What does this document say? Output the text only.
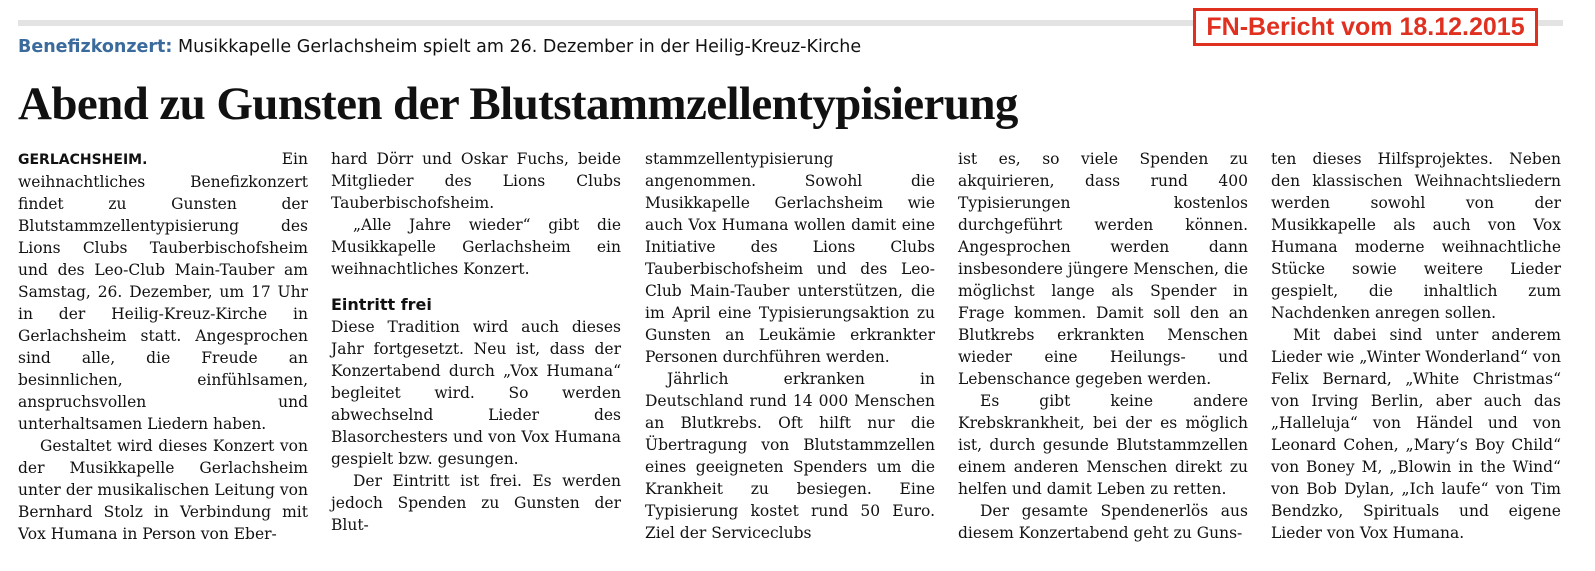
FN-Bericht vom 18.12.2015
Benefizkonzert: Musikkapelle Gerlachsheim spielt am 26. Dezember in der Heilig-Kreuz-Kirche
Abend zu Gunsten der Blutstammzellentypisierung

GERLACHSHEIM.	Ein weihnachtliches Benefizkonzert findet zu Gunsten der Blutstammzellentypisierung des Lions Clubs Tauberbischofsheim und des Leo-Club Main-Tauber am Samstag, 26. Dezember, um 17 Uhr in der Heilig-Kreuz-Kirche in Gerlachsheim statt. Angesprochen sind alle, die Freude an besinnlichen, einfühlsamen, anspruchsvollen und unterhaltsamen Liedern haben.

Gestaltet wird dieses Konzert von der Musikkapelle Gerlachsheim unter der musikalischen Leitung von Bernhard Stolz in Verbindung mit Vox Humana in Person von Eber-

hard Dörr und Oskar Fuchs, beide Mitglieder des Lions Clubs Tauberbischofsheim.

„Alle Jahre wieder“ gibt die Musikkapelle Gerlachsheim ein weihnachtliches Konzert.

Eintritt frei

Diese Tradition wird auch dieses Jahr fortgesetzt. Neu ist, dass der Konzertabend durch „Vox Humana“ begleitet wird. So werden abwechselnd Lieder des Blasorchesters und von Vox Humana gespielt bzw. gesungen.

Der Eintritt ist frei. Es werden jedoch Spenden zu Gunsten der Blut-

stammzellentypisierung angenommen. Sowohl die Musikkapelle Gerlachsheim wie auch Vox Humana wollen damit eine Initiative des Lions Clubs Tauberbischofsheim und des Leo-Club Main-Tauber unterstützen, die im April eine Typisierungsaktion zu Gunsten an Leukämie erkrankter Personen durchführen werden.

Jährlich erkranken in Deutschland rund 14 000 Menschen an Blutkrebs. Oft hilft nur die Übertragung von Blutstammzellen eines geeigneten Spenders um die Krankheit zu besiegen. Eine Typisierung kostet rund 50 Euro. Ziel der Serviceclubs

ist es, so viele Spenden zu akquirieren, dass rund 400 Typisierungen kostenlos durchgeführt werden können. Angesprochen werden dann insbesondere jüngere Menschen, die möglichst lange als Spender in Frage kommen. Damit soll den an Blutkrebs erkrankten Menschen wieder eine Heilungs- und Lebenschance gegeben werden.

Es gibt keine andere Krebskrankheit, bei der es möglich ist, durch gesunde Blutstammzellen einem anderen Menschen direkt zu helfen und damit Leben zu retten.

Der gesamte Spendenerlös aus diesem Konzertabend geht zu Guns-

ten dieses Hilfsprojektes. Neben den klassischen Weihnachtsliedern werden sowohl von der Musikkapelle als auch von Vox Humana moderne weihnachtliche Stücke sowie weitere Lieder gespielt, die inhaltlich zum Nachdenken anregen sollen.

Mit dabei sind unter anderem Lieder wie „Winter Wonderland“ von Felix Bernard, „White Christmas“ von Irving Berlin, aber auch das „Halleluja“ von Händel und von Leonard Cohen, „Mary‘s Boy Child“ von Boney M, „Blowin in the Wind“ von Bob Dylan, „Ich laufe“ von Tim Bendzko, Spirituals und eigene Lieder von Vox Humana.
